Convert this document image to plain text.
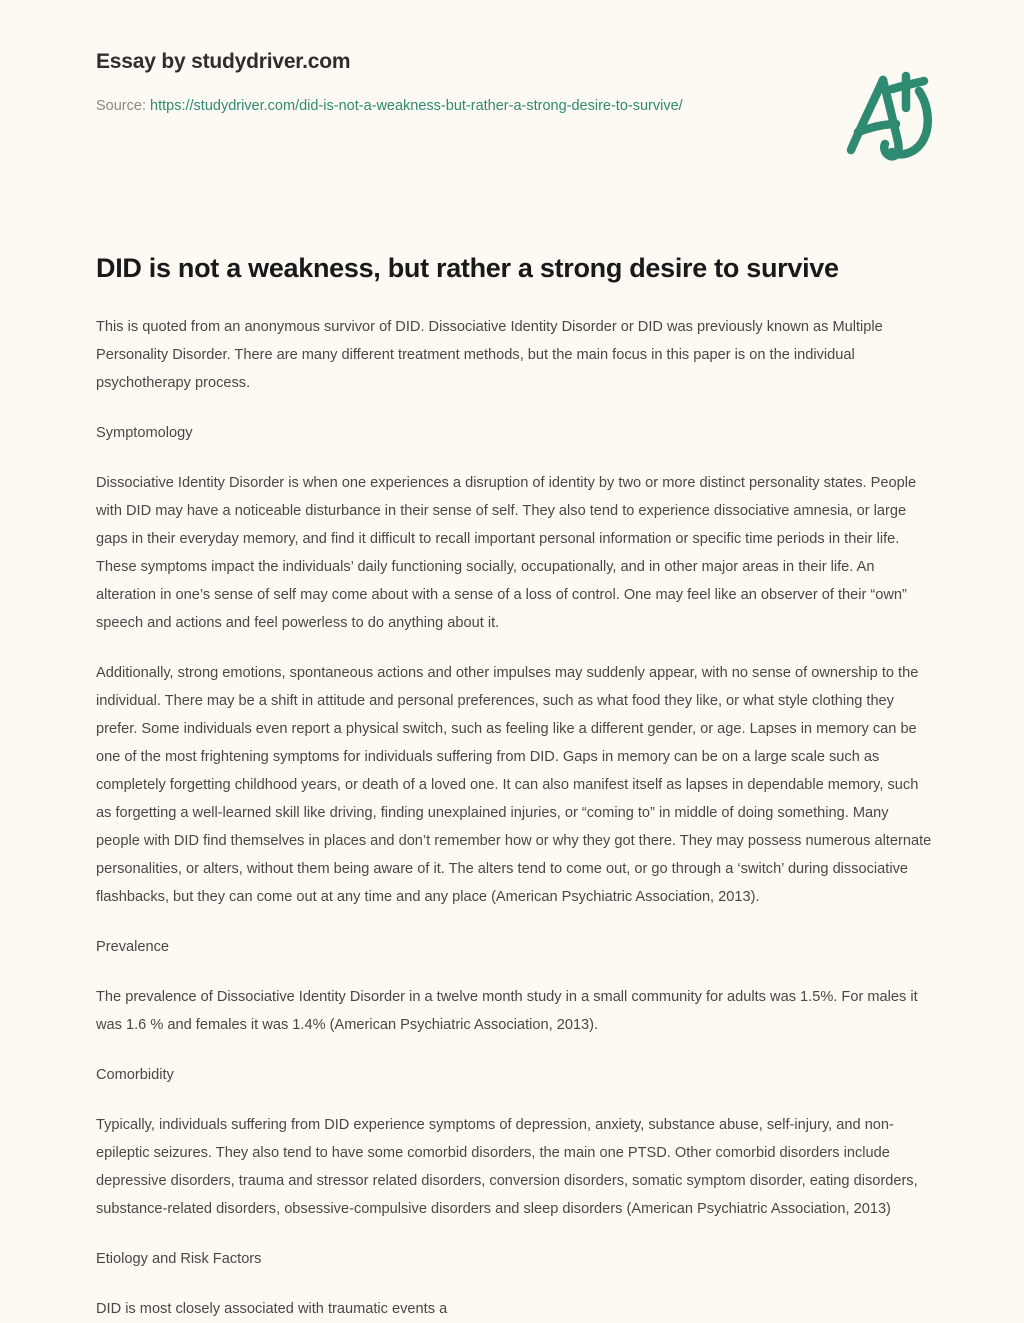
Essay by studydriver.com

Source: https://studydriver.com/did-is-not-a-weakness-but-rather-a-strong-desire-to-survive/

DID is not a weakness, but rather a strong desire to survive

This is quoted from an anonymous survivor of DID. Dissociative Identity Disorder or DID was previously known as Multiple Personality Disorder. There are many different treatment methods, but the main focus in this paper is on the individual psychotherapy process.

Symptomology

Dissociative Identity Disorder is when one experiences a disruption of identity by two or more distinct personality states. People with DID may have a noticeable disturbance in their sense of self. They also tend to experience dissociative amnesia, or large gaps in their everyday memory, and find it difficult to recall important personal information or specific time periods in their life. These symptoms impact the individuals’ daily functioning socially, occupationally, and in other major areas in their life. An alteration in one’s sense of self may come about with a sense of a loss of control. One may feel like an observer of their “own” speech and actions and feel powerless to do anything about it.

Additionally, strong emotions, spontaneous actions and other impulses may suddenly appear, with no sense of ownership to the individual. There may be a shift in attitude and personal preferences, such as what food they like, or what style clothing they prefer. Some individuals even report a physical switch, such as feeling like a different gender, or age. Lapses in memory can be one of the most frightening symptoms for individuals suffering from DID. Gaps in memory can be on a large scale such as completely forgetting childhood years, or death of a loved one. It can also manifest itself as lapses in dependable memory, such as forgetting a well-learned skill like driving, finding unexplained injuries, or “coming to” in middle of doing something. Many people with DID find themselves in places and don’t remember how or why they got there. They may possess numerous alternate personalities, or alters, without them being aware of it. The alters tend to come out, or go through a ‘switch’ during dissociative flashbacks, but they can come out at any time and any place (American Psychiatric Association, 2013).

Prevalence

The prevalence of Dissociative Identity Disorder in a twelve month study in a small community for adults was 1.5%. For males it was 1.6 % and females it was 1.4% (American Psychiatric Association, 2013).

Comorbidity

Typically, individuals suffering from DID experience symptoms of depression, anxiety, substance abuse, self-injury, and non-epileptic seizures. They also tend to have some comorbid disorders, the main one PTSD. Other comorbid disorders include depressive disorders, trauma and stressor related disorders, conversion disorders, somatic symptom disorder, eating disorders, substance-related disorders, obsessive-compulsive disorders and sleep disorders (American Psychiatric Association, 2013)

Etiology and Risk Factors

DID is most closely associated with traumatic events a
